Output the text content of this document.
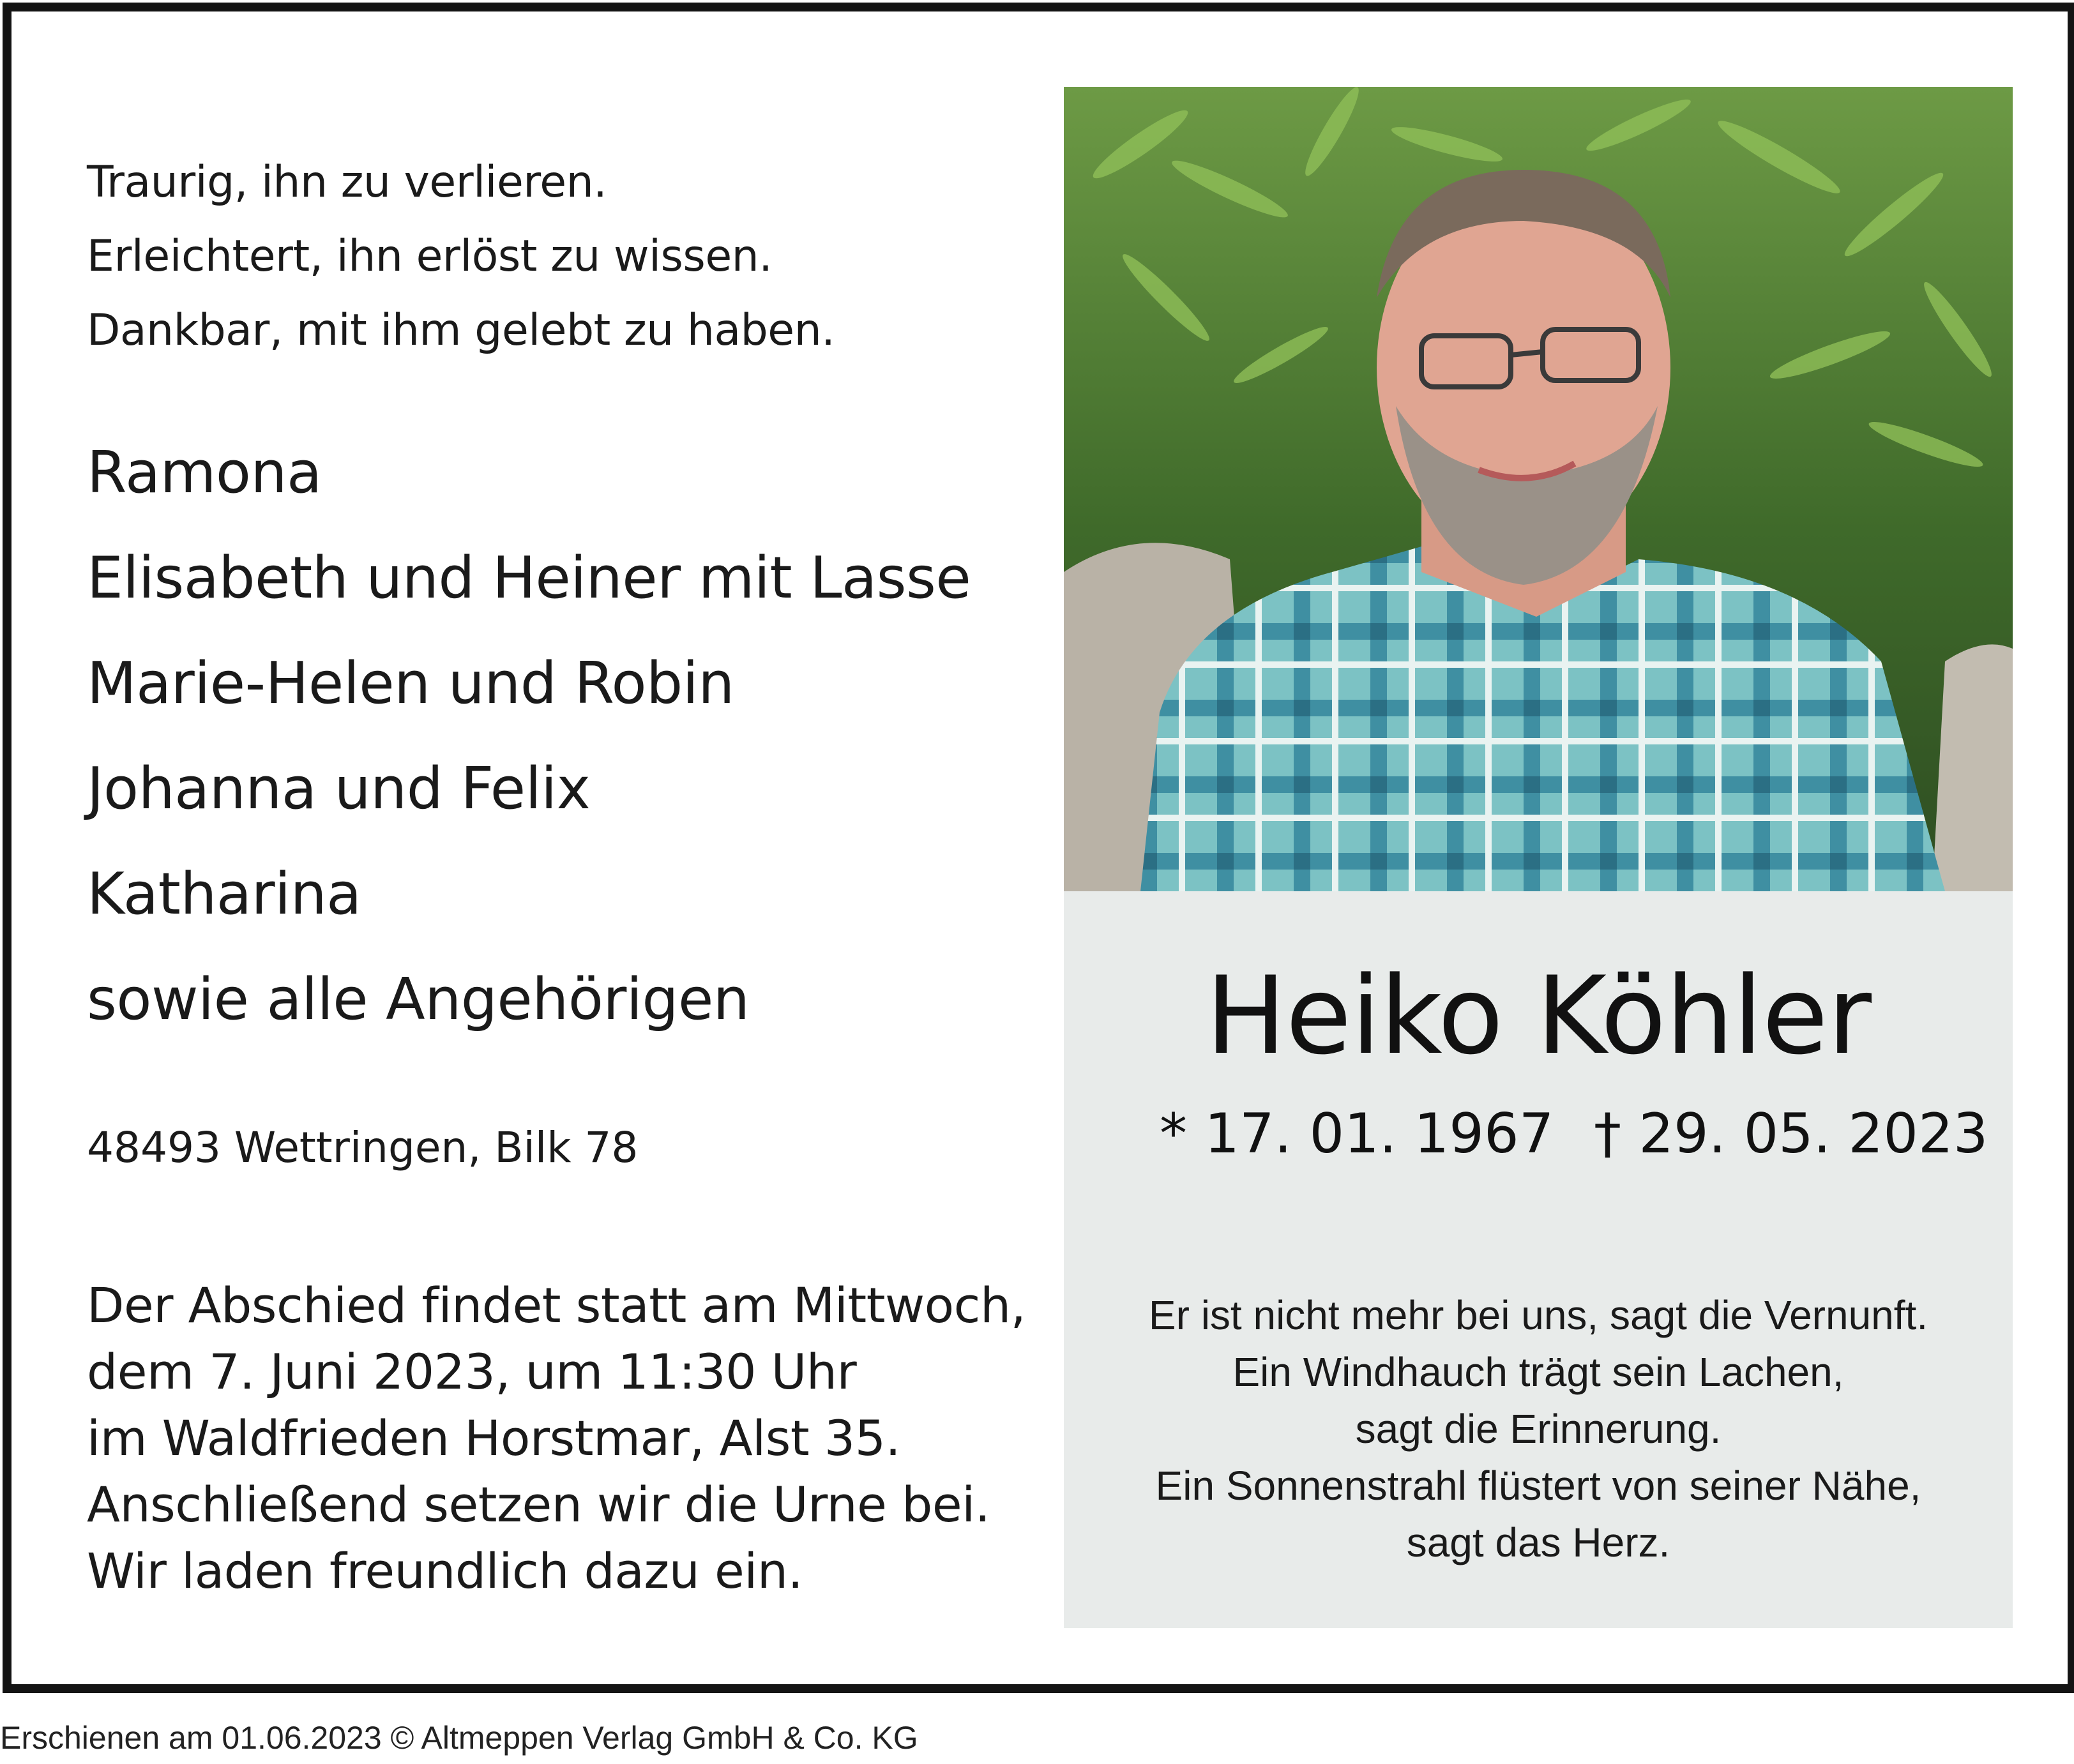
Traurig, ihn zu verlieren.
Erleichtert, ihn erlöst zu wissen.
Dankbar, mit ihm gelebt zu haben.
Ramona
Elisabeth und Heiner mit Lasse
Marie-Helen und Robin
Johanna und Felix
Katharina
sowie alle Angehörigen
48493 Wettringen, Bilk 78
Der Abschied findet statt am Mittwoch,
dem 7. Juni 2023, um 11:30 Uhr
im Waldfrieden Horstmar, Alst 35.
Anschließend setzen wir die Urne bei.
Wir laden freundlich dazu ein.
Heiko Köhler
* 17. 01. 1967 † 29. 05. 2023
Er ist nicht mehr bei uns, sagt die Vernunft.
Ein Windhauch trägt sein Lachen,
sagt die Erinnerung.
Ein Sonnenstrahl flüstert von seiner Nähe,
sagt das Herz.
Erschienen am 01.06.2023 © Altmeppen Verlag GmbH & Co. KG
